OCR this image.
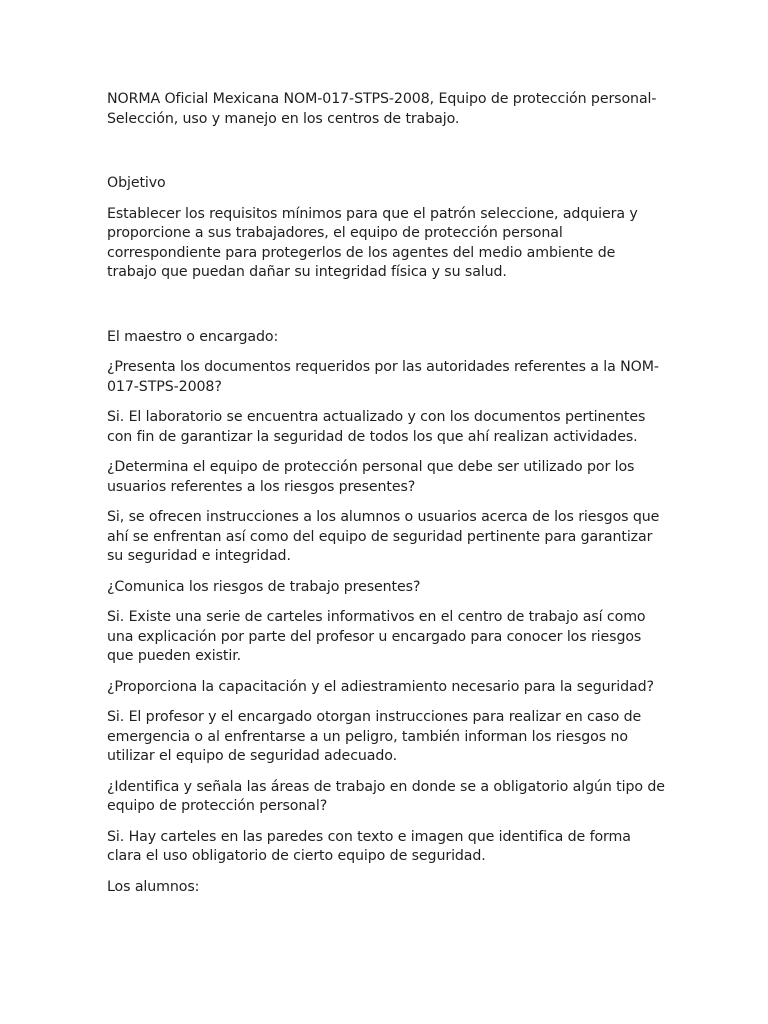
NORMA Oficial Mexicana NOM-017-STPS-2008, Equipo de protección personal-
Selección, uso y manejo en los centros de trabajo.

Objetivo

Establecer los requisitos mínimos para que el patrón seleccione, adquiera y
proporcione a sus trabajadores, el equipo de protección personal
correspondiente para protegerlos de los agentes del medio ambiente de
trabajo que puedan dañar su integridad física y su salud.

El maestro o encargado:

¿Presenta los documentos requeridos por las autoridades referentes a la NOM-
017-STPS-2008?

Si. El laboratorio se encuentra actualizado y con los documentos pertinentes
con fin de garantizar la seguridad de todos los que ahí realizan actividades.

¿Determina el equipo de protección personal que debe ser utilizado por los
usuarios referentes a los riesgos presentes?

Si, se ofrecen instrucciones a los alumnos o usuarios acerca de los riesgos que
ahí se enfrentan así como del equipo de seguridad pertinente para garantizar
su seguridad e integridad.

¿Comunica los riesgos de trabajo presentes?

Si. Existe una serie de carteles informativos en el centro de trabajo así como
una explicación por parte del profesor u encargado para conocer los riesgos
que pueden existir.

¿Proporciona la capacitación y el adiestramiento necesario para la seguridad?

Si. El profesor y el encargado otorgan instrucciones para realizar en caso de
emergencia o al enfrentarse a un peligro, también informan los riesgos no
utilizar el equipo de seguridad adecuado.

¿Identifica y señala las áreas de trabajo en donde se a obligatorio algún tipo de
equipo de protección personal?

Si. Hay carteles en las paredes con texto e imagen que identifica de forma
clara el uso obligatorio de cierto equipo de seguridad.

Los alumnos:
